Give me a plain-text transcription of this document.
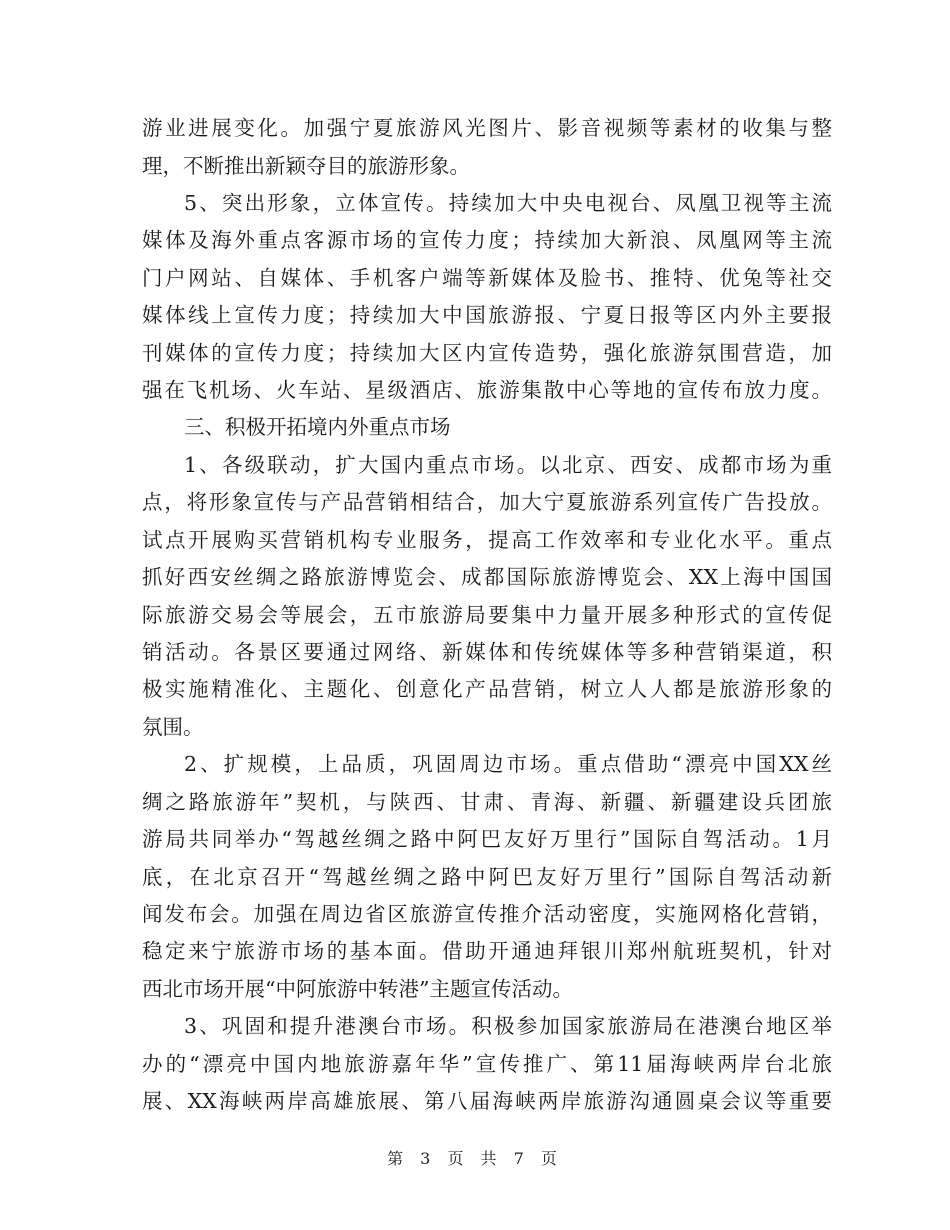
游业进展变化。加强宁夏旅游风光图片、影音视频等素材的收集与整
理，不断推出新颖夺目的旅游形象。
5、突出形象，立体宣传。持续加大中央电视台、凤凰卫视等主流
媒体及海外重点客源市场的宣传力度；持续加大新浪、凤凰网等主流
门户网站、自媒体、手机客户端等新媒体及脸书、推特、优兔等社交
媒体线上宣传力度；持续加大中国旅游报、宁夏日报等区内外主要报
刊媒体的宣传力度；持续加大区内宣传造势，强化旅游氛围营造，加
强在飞机场、火车站、星级酒店、旅游集散中心等地的宣传布放力度。
三、积极开拓境内外重点市场
1、各级联动，扩大国内重点市场。以北京、西安、成都市场为重
点，将形象宣传与产品营销相结合，加大宁夏旅游系列宣传广告投放。
试点开展购买营销机构专业服务，提高工作效率和专业化水平。重点
抓好西安丝绸之路旅游博览会、成都国际旅游博览会、XX上海中国国
际旅游交易会等展会，五市旅游局要集中力量开展多种形式的宣传促
销活动。各景区要通过网络、新媒体和传统媒体等多种营销渠道，积
极实施精准化、主题化、创意化产品营销，树立人人都是旅游形象的
氛围。
2、扩规模，上品质，巩固周边市场。重点借助“漂亮中国XX丝
绸之路旅游年”契机，与陕西、甘肃、青海、新疆、新疆建设兵团旅
游局共同举办“驾越丝绸之路中阿巴友好万里行”国际自驾活动。1月
底，在北京召开“驾越丝绸之路中阿巴友好万里行”国际自驾活动新
闻发布会。加强在周边省区旅游宣传推介活动密度，实施网格化营销，
稳定来宁旅游市场的基本面。借助开通迪拜银川郑州航班契机，针对
西北市场开展“中阿旅游中转港”主题宣传活动。
3、巩固和提升港澳台市场。积极参加国家旅游局在港澳台地区举
办的“漂亮中国内地旅游嘉年华”宣传推广、第11届海峡两岸台北旅
展、XX海峡两岸高雄旅展、第八届海峡两岸旅游沟通圆桌会议等重要
第 3 页 共 7 页
